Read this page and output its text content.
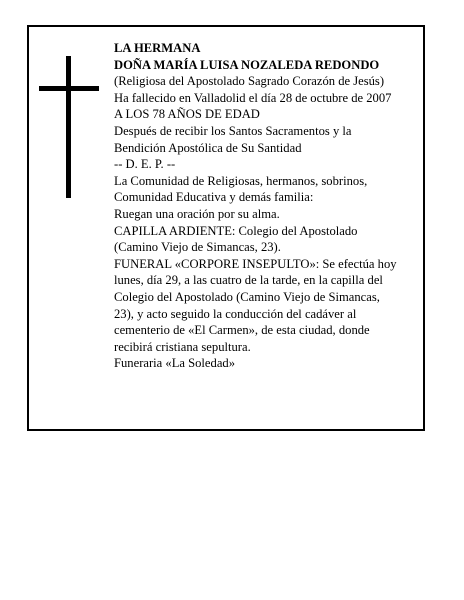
LA HERMANA
DOÑA MARÍA LUISA NOZALEDA REDONDO
(Religiosa del Apostolado Sagrado Corazón de Jesús)
Ha fallecido en Valladolid el día 28 de octubre de 2007
A LOS 78 AÑOS DE EDAD
Después de recibir los Santos Sacramentos y la
Bendición Apostólica de Su Santidad
-- D. E. P. --
La Comunidad de Religiosas, hermanos, sobrinos,
Comunidad Educativa y demás familia:
Ruegan una oración por su alma.
CAPILLA ARDIENTE: Colegio del Apostolado
(Camino Viejo de Simancas, 23).
FUNERAL «CORPORE INSEPULTO»: Se efectúa hoy
lunes, día 29, a las cuatro de la tarde, en la capilla del
Colegio del Apostolado (Camino Viejo de Simancas,
23), y acto seguido la conducción del cadáver al
cementerio de «El Carmen», de esta ciudad, donde
recibirá cristiana sepultura.
Funeraria «La Soledad»
